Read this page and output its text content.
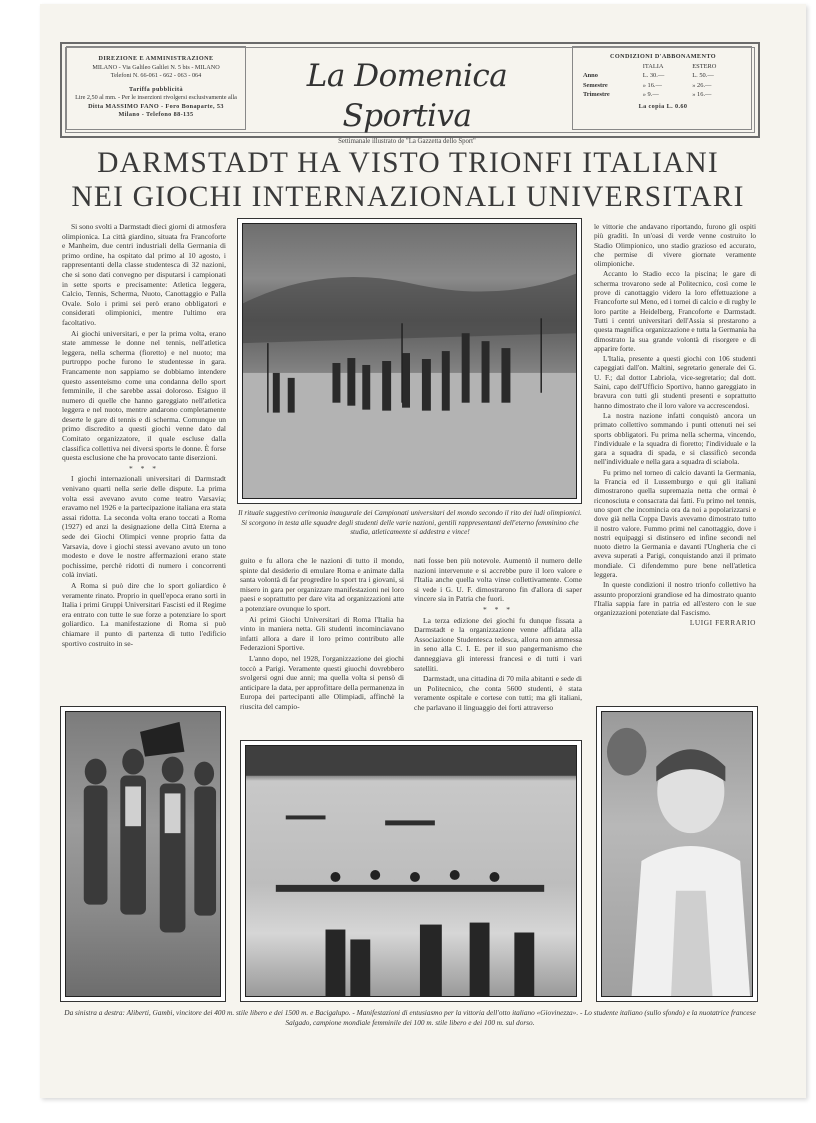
DIREZIONE E AMMINISTRAZIONE

MILANO - Via Galileo Galilei N. 5 bis - MILANO

Telefoni N. 66-061 - 662 - 063 - 064

Tariffa pubblicità

Lire 2,50 al mm. - Per le inserzioni rivolgersi esclusivamente alla

Ditta MASSIMO FANO - Foro Bonaparte, 53

Milano - Telefono 88-135

La Domenica Sportiva
Settimanale illustrato de "La Gazzetta dello Sport"

CONDIZIONI D'ABBONAMENTO

	ITALIA	ESTERO
Anno	L. 30.—	L. 50.—
Semestre	» 16.—	» 26.—
Trimestre	» 9.—	» 16.—

La copia L. 0.60

DARMSTADT HA VISTO TRIONFI ITALIANI
NEI GIOCHI INTERNAZIONALI UNIVERSITARI

Si sono svolti a Darmstadt dieci giorni di atmosfera olimpionica. La città giardino, situata fra Francoforte e Manheim, due centri industriali della Germania di primo ordine, ha ospitato dal primo al 10 agosto, i rappresentanti della classe studentesca di 32 nazioni, che si sono dati convegno per disputarsi i campionati in sette sports e precisamente: Atletica leggera, Calcio, Tennis, Scherma, Nuoto, Canottaggio e Palla Ovale. Solo i primi sei però erano obbligatori e considerati olimpionici, mentre l'ultimo era facoltativo.

Ai giochi universitari, e per la prima volta, erano state ammesse le donne nel tennis, nell'atletica leggera, nella scherma (fioretto) e nel nuoto; ma purtroppo poche furono le studentesse in gara. Francamente non sappiamo se dobbiamo intendere questo assenteismo come una condanna dello sport femminile, il che sarebbe assai doloroso. Esiguo il numero di quelle che hanno gareggiato nell'atletica leggera e nel nuoto, mentre andarono completamente deserte le gare di tennis e di scherma. Comunque un primo discredito a questi giochi venne dato dal Comitato organizzatore, il quale escluse dalla classifica collettiva nei diversi sports le donne. È forse questa esclusione che ha provocato tante diserzioni.

* * *

I giochi internazionali universitari di Darmstadt venivano quarti nella serie delle dispute. La prima volta essi avevano avuto come teatro Varsavia; eravamo nel 1926 e la partecipazione italiana era stata assai ridotta. La seconda volta erano toccati a Roma (1927) ed anzi la designazione della Città Eterna a sede dei Giochi Olimpici venne proprio fatta da Varsavia, dove i giochi stessi avevano avuto un tono modesto e dove le nostre affermazioni erano state pochissime, perchè ridotti di numero i concorrenti colà inviati.

A Roma si può dire che lo sport goliardico è veramente rinato. Proprio in quell'epoca erano sorti in Italia i primi Gruppi Universitari Fascisti ed il Regime era entrato con tutte le sue forze a potenziare lo sport goliardico. La manifestazione di Roma si può chiamare il punto di partenza di tutto l'edificio sportivo costruito in se-

Il rituale suggestivo cerimonia inaugurale dei Campionati universitari del mondo secondo il rito dei ludi olimpionici. Si scorgono in testa alle squadre degli studenti delle varie nazioni, gentili rappresentanti dell'eterno femminino che studia, atleticamente si addestra e vince!

guito e fu allora che le nazioni di tutto il mondo, spinte dal desiderio di emulare Roma e animate dalla santa volontà di far progredire lo sport tra i giovani, si misero in gara per organizzare manifestazioni nei loro paesi e soprattutto per dare vita ad organizzazioni atte a potenziare ovunque lo sport.

Ai primi Giochi Universitari di Roma l'Italia ha vinto in maniera netta. Gli studenti incominciavano infatti allora a dare il loro primo contributo alle Federazioni Sportive.

L'anno dopo, nel 1928, l'organizzazione dei giochi toccò a Parigi. Veramente questi giuochi dovrebbero svolgersi ogni due anni; ma quella volta si pensò di anticipare la data, per approfittare della permanenza in Europa dei partecipanti alle Olimpiadi, affinchè la riuscita del campio-

nati fosse ben più notevole. Aumentò il numero delle nazioni intervenute e si accrebbe pure il loro valore e l'Italia anche quella volta vinse collettivamente. Come si vede i G. U. F. dimostrarono fin d'allora di saper vincere sia in Patria che fuori.

* * *

La terza edizione dei giochi fu dunque fissata a Darmstadt e la organizzazione venne affidata alla Associazione Studentesca tedesca, allora non ammessa in seno alla C. I. E. per il suo pangermanismo che danneggiava gli interessi francesi e di tutti i vari satelliti.

Darmstadt, una cittadina di 70 mila abitanti e sede di un Politecnico, che conta 5600 studenti, è stata veramente ospitale e cortese con tutti; ma gli italiani, che parlavano il linguaggio dei forti attraverso

le vittorie che andavano riportando, furono gli ospiti più graditi. In un'oasi di verde venne costruito lo Stadio Olimpionico, uno stadio grazioso ed accurato, che permise di vivere giornate veramente olimpioniche.

Accanto lo Stadio ecco la piscina; le gare di scherma trovarono sede al Politecnico, così come le prove di canottaggio videro la loro effettuazione a Francoforte sul Meno, ed i tornei di calcio e di rugby le loro partite a Heidelberg, Francoforte e Darmstadt. Tutti i centri universitari dell'Assia si prestarono a questa magnifica organizzazione e tutta la Germania ha dimostrato la sua grande volontà di risorgere e di apparire forte.

L'Italia, presente a questi giochi con 106 studenti capeggiati dall'on. Maltini, segretario generale dei G. U. F.; dal dottor Labriola, vice-segretario; dal dott. Saini, capo dell'Ufficio Sportivo, hanno gareggiato in bravura con tutti gli studenti presenti e soprattutto hanno dimostrato che il loro valore va accrescendosi.

La nostra nazione infatti conquistò ancora un primato collettivo sommando i punti ottenuti nei sei sports obbligatori. Fu prima nella scherma, vincendo, l'individuale e la squadra di fioretto; l'individuale e la gara a squadra di spada, e si classificò seconda nell'individuale e nella gara a squadra di sciabola.

Fu primo nel torneo di calcio davanti la Germania, la Francia ed il Lussemburgo e qui gli italiani dimostrarono quella supremazia netta che ormai è riconosciuta e consacrata dai fatti. Fu primo nel tennis, uno sport che incomincia ora da noi a popolarizzarsi e dove già nella Coppa Davis avevamo dimostrato tutto il nostro valore. Fummo primi nel canottaggio, dove i nostri equipaggi si distinsero ed infine secondi nel nuoto dietro la Germania e davanti l'Ungheria che ci aveva superati a Parigi, conquistando anzi il primato mondiale. Ci difendemmo pure bene nell'atletica leggera.

In queste condizioni il nostro trionfo collettivo ha assunto proporzioni grandiose ed ha dimostrato quanto l'Italia sappia fare in patria ed all'estero con le sue organizzazioni potenziate dal Fascismo.

LUIGI FERRARIO

Da sinistra a destra: Aliberti, Gambi, vincitore dei 400 m. stile libero e dei 1500 m. e Bacigalupo. - Manifestazioni di entusiasmo per la vittoria dell'otto italiano «Giovinezza». - Lo studente italiano (sullo sfondo) e la nuotatrice francese Salgado, campione mondiale femminile dei 100 m. stile libero e dei 100 m. sul dorso.
